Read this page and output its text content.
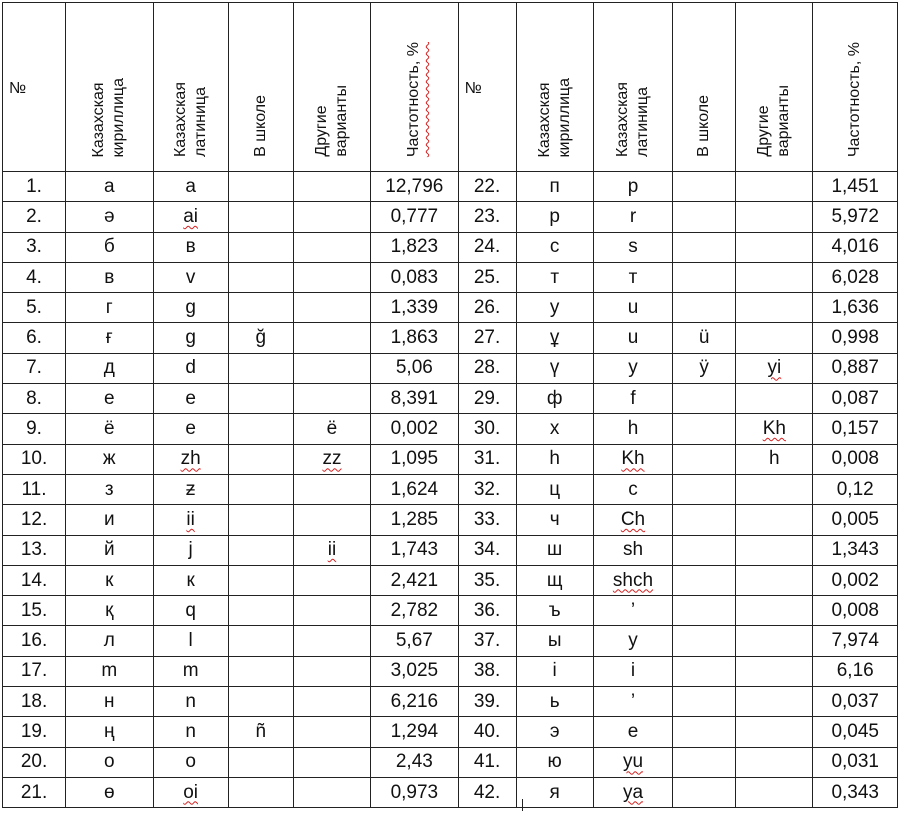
№	Казахская кириллица	Казахская латиница	В школе	Другие варианты	Частотность, %	№	Казахская кириллица	Казахская латиница	В школе	Другие варианты	Частотность, %

1.	а	a			12,796	22.	п	p			1,451
2.	ә	ai			0,777	23.	р	r			5,972
3.	б	в			1,823	24.	с	s			4,016
4.	в	v			0,083	25.	т	т			6,028
5.	г	g			1,339	26.	у	u			1,636
6.	ғ	g	ğ		1,863	27.	ұ	u	ü		0,998
7.	д	d			5,06	28.	ү	y	ÿ	yi	0,887
8.	е	e			8,391	29.	ф	f			0,087
9.	ё	e		ё	0,002	30.	х	һ		Kh	0,157
10.	ж	zh		zz	1,095	31.	һ	Kh		һ	0,008
11.	з	ƶ			1,624	32.	ц	c			0,12
12.	и	ii			1,285	33.	ч	Ch			0,005
13.	й	j		ii	1,743	34.	ш	sh			1,343
14.	к	к			2,421	35.	щ	shch			0,002
15.	қ	q			2,782	36.	ъ	’			0,008
16.	л	l			5,67	37.	ы	y			7,974
17.	m	m			3,025	38.	і	i			6,16
18.	н	n			6,216	39.	ь	’			0,037
19.	ң	n	ñ		1,294	40.	э	e			0,045
20.	о	o			2,43	41.	ю	yu			0,031
21.	ө	oi			0,973	42.	я	ya			0,343
